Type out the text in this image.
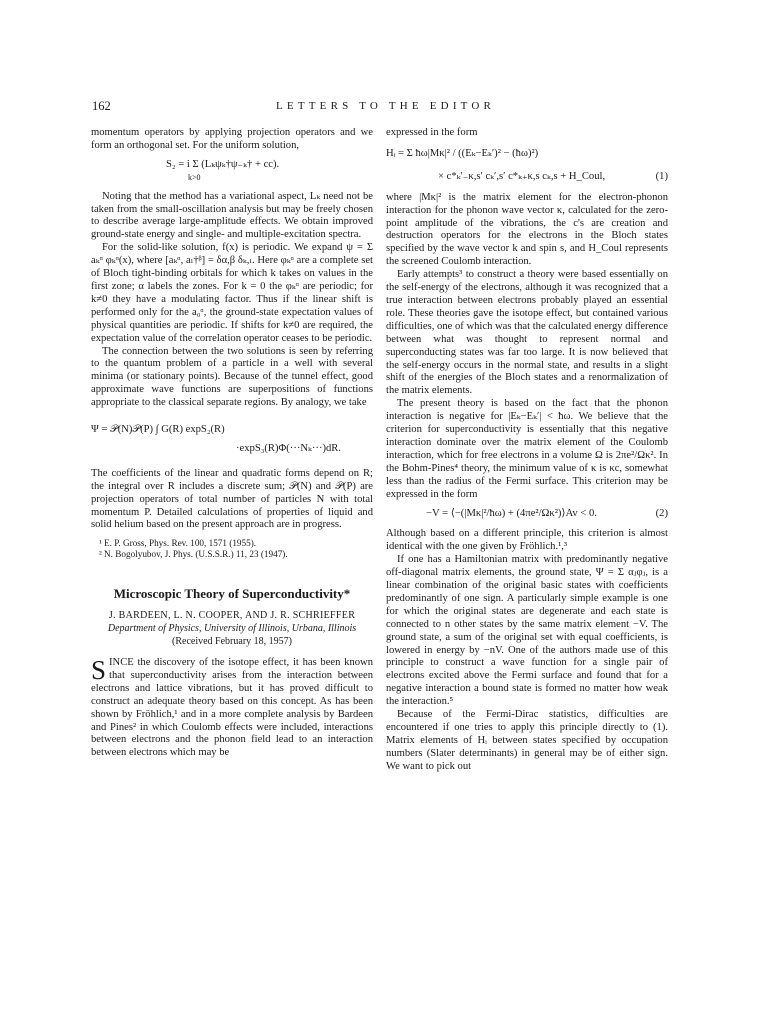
162	LETTERS TO THE EDITOR

momentum operators by applying projection operators and we form an orthogonal set. For the uniform solution,

S₂ = i Σ (Lₖψₖ†ψ₋ₖ† + cc).
k>0

Noting that the method has a variational aspect, Lₖ need not be taken from the small-oscillation analysis but may be freely chosen to describe average large-amplitude effects. We obtain improved ground-state energy and single- and multiple-excitation spectra.

For the solid-like solution, f(x) is periodic. We expand ψ = Σ aₖᵅ φₖᵅ(x), where [aₖᵅ, aₗ†ᵝ] = δα,β δₖ,ₗ. Here φₖᵅ are a complete set of Bloch tight-binding orbitals for which k takes on values in the first zone; α labels the zones. For k = 0 the φₖᵅ are periodic; for k≠0 they have a modulating factor. Thus if the linear shift is performed only for the a₀ᵅ, the ground-state expectation values of physical quantities are periodic. If shifts for k≠0 are required, the expectation value of the correlation operator ceases to be periodic.

The connection between the two solutions is seen by referring to the quantum problem of a particle in a well with several minima (or stationary points). Because of the tunnel effect, good approximate wave functions are superpositions of functions appropriate to the classical separate regions. By analogy, we take

Ψ = 𝒫(N)𝒫(P) ∫ G(R) expS₂(R)
·expS₃(R)Φ(···Nₖ···)dR.

The coefficients of the linear and quadratic forms depend on R; the integral over R includes a discrete sum; 𝒫(N) and 𝒫(P) are projection operators of total number of particles N with total momentum P. Detailed calculations of properties of liquid and solid helium based on the present approach are in progress.

¹ E. P. Gross, Phys. Rev. 100, 1571 (1955).

² N. Bogolyubov, J. Phys. (U.S.S.R.) 11, 23 (1947).

Microscopic Theory of Superconductivity*
J. BARDEEN, L. N. COOPER, AND J. R. SCHRIEFFER
Department of Physics, University of Illinois, Urbana, Illinois
(Received February 18, 1957)

SINCE the discovery of the isotope effect, it has been known that superconductivity arises from the interaction between electrons and lattice vibrations, but it has proved difficult to construct an adequate theory based on this concept. As has been shown by Fröhlich,¹ and in a more complete analysis by Bardeen and Pines² in which Coulomb effects were included, interactions between electrons and the phonon field lead to an interaction between electrons which may be

expressed in the form

Hᵢ = Σ ħω|Mκ|² / ((Eₖ−Eₖ′)² − (ħω)²)
× c*ₖ′₋κ,s′ cₖ′,s′ c*ₖ₊κ,s cₖ,s + H_Coul,	(1)

where |Mκ|² is the matrix element for the electron-phonon interaction for the phonon wave vector κ, calculated for the zero-point amplitude of the vibrations, the c's are creation and destruction operators for the electrons in the Bloch states specified by the wave vector k and spin s, and H_Coul represents the screened Coulomb interaction.

Early attempts³ to construct a theory were based essentially on the self-energy of the electrons, although it was recognized that a true interaction between electrons probably played an essential role. These theories gave the isotope effect, but contained various difficulties, one of which was that the calculated energy difference between what was thought to represent normal and superconducting states was far too large. It is now believed that the self-energy occurs in the normal state, and results in a slight shift of the energies of the Bloch states and a renormalization of the matrix elements.

The present theory is based on the fact that the phonon interaction is negative for |Eₖ−Eₖ′| < ħω. We believe that the criterion for superconductivity is essentially that this negative interaction dominate over the matrix element of the Coulomb interaction, which for free electrons in a volume Ω is 2πe²/Ωκ². In the Bohm-Pines⁴ theory, the minimum value of κ is κc, somewhat less than the radius of the Fermi surface. This criterion may be expressed in the form

−V = ⟨−(|Mκ|²/ħω) + (4πe²/Ωκ²)⟩Av < 0.	(2)

Although based on a different principle, this criterion is almost identical with the one given by Fröhlich.¹,³

If one has a Hamiltonian matrix with predominantly negative off-diagonal matrix elements, the ground state, Ψ = Σ αⱼφⱼ, is a linear combination of the original basic states with coefficients predominantly of one sign. A particularly simple example is one for which the original states are degenerate and each state is connected to n other states by the same matrix element −V. The ground state, a sum of the original set with equal coefficients, is lowered in energy by −nV. One of the authors made use of this principle to construct a wave function for a single pair of electrons excited above the Fermi surface and found that for a negative interaction a bound state is formed no matter how weak the interaction.⁵

Because of the Fermi-Dirac statistics, difficulties are encountered if one tries to apply this principle directly to (1). Matrix elements of Hᵢ between states specified by occupation numbers (Slater determinants) in general may be of either sign. We want to pick out
